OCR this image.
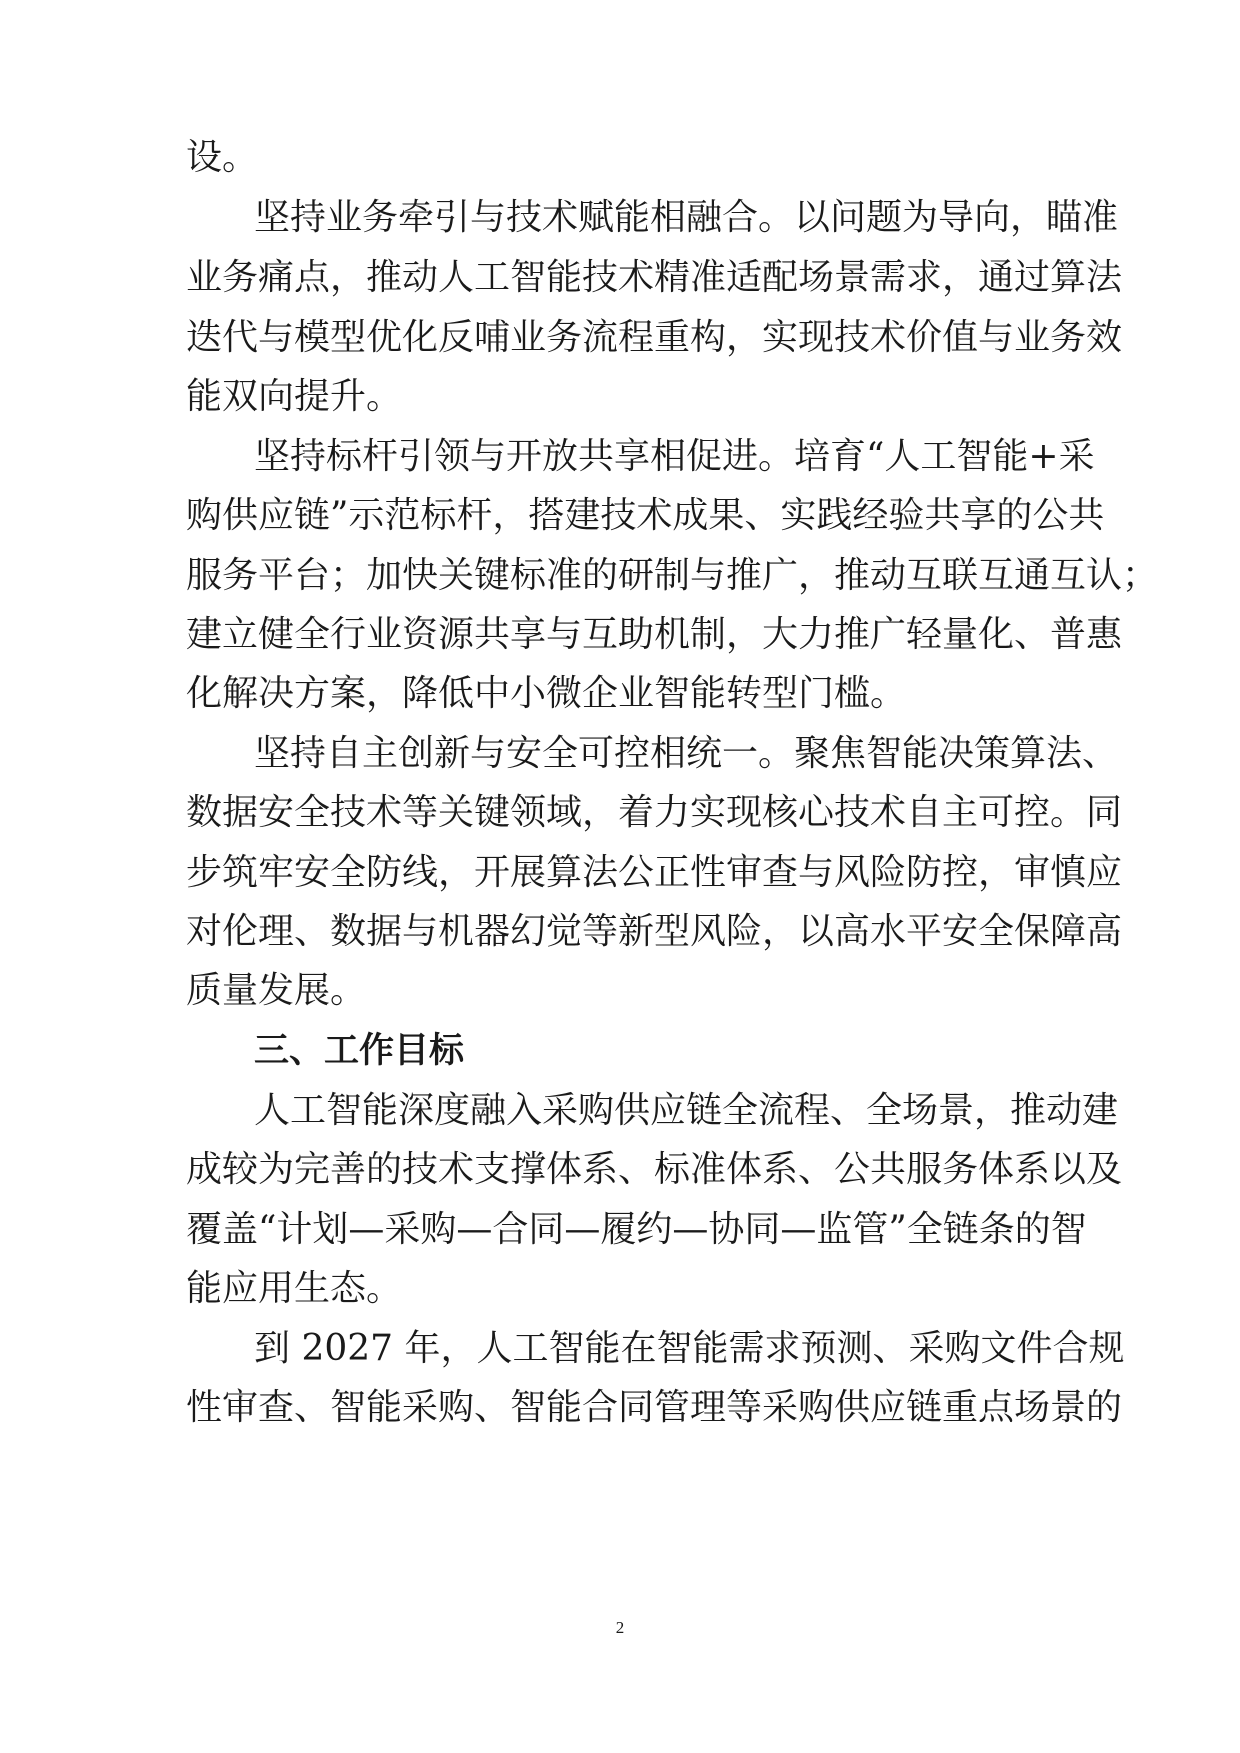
设。
坚持业务牵引与技术赋能相融合。以问题为导向，瞄准
业务痛点，推动人工智能技术精准适配场景需求，通过算法
迭代与模型优化反哺业务流程重构，实现技术价值与业务效
能双向提升。
坚持标杆引领与开放共享相促进。培育“人工智能+采
购供应链”示范标杆，搭建技术成果、实践经验共享的公共
服务平台；加快关键标准的研制与推广，推动互联互通互认；
建立健全行业资源共享与互助机制，大力推广轻量化、普惠
化解决方案，降低中小微企业智能转型门槛。
坚持自主创新与安全可控相统一。聚焦智能决策算法、
数据安全技术等关键领域，着力实现核心技术自主可控。同
步筑牢安全防线，开展算法公正性审查与风险防控，审慎应
对伦理、数据与机器幻觉等新型风险，以高水平安全保障高
质量发展。
三、工作目标
人工智能深度融入采购供应链全流程、全场景，推动建
成较为完善的技术支撑体系、标准体系、公共服务体系以及
覆盖“计划—采购—合同—履约—协同—监管”全链条的智
能应用生态。
到 2027 年，人工智能在智能需求预测、采购文件合规
性审查、智能采购、智能合同管理等采购供应链重点场景的
2
